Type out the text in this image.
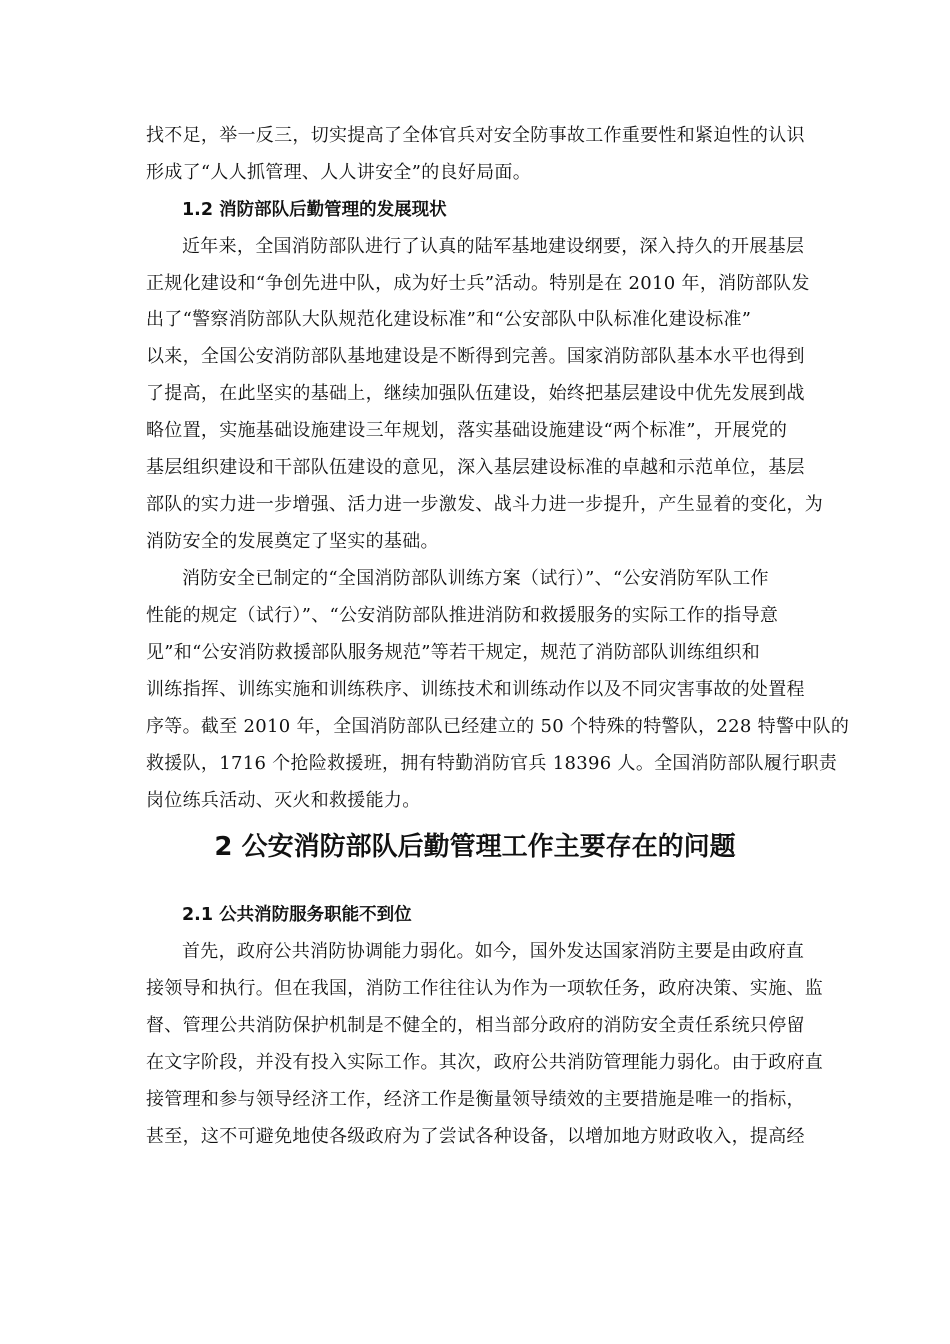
找不足，举一反三，切实提高了全体官兵对安全防事故工作重要性和紧迫性的认识
形成了“人人抓管理、人人讲安全”的良好局面。
1.2 消防部队后勤管理的发展现状
近年来，全国消防部队进行了认真的陆军基地建设纲要，深入持久的开展基层
正规化建设和“争创先进中队，成为好士兵”活动。特别是在 2010 年，消防部队发
出了“警察消防部队大队规范化建设标准”和“公安部队中队标准化建设标准”
以来，全国公安消防部队基地建设是不断得到完善。国家消防部队基本水平也得到
了提高，在此坚实的基础上，继续加强队伍建设，始终把基层建设中优先发展到战
略位置，实施基础设施建设三年规划，落实基础设施建设“两个标准”，开展党的
基层组织建设和干部队伍建设的意见，深入基层建设标准的卓越和示范单位，基层
部队的实力进一步增强、活力进一步激发、战斗力进一步提升，产生显着的变化，为
消防安全的发展奠定了坚实的基础。
消防安全已制定的“全国消防部队训练方案（试行）”、“公安消防军队工作
性能的规定（试行）”、“公安消防部队推进消防和救援服务的实际工作的指导意
见”和“公安消防救援部队服务规范”等若干规定，规范了消防部队训练组织和
训练指挥、训练实施和训练秩序、训练技术和训练动作以及不同灾害事故的处置程
序等。截至 2010 年，全国消防部队已经建立的 50 个特殊的特警队，228 特警中队的
救援队，1716 个抢险救援班，拥有特勤消防官兵 18396 人。全国消防部队履行职责
岗位练兵活动、灭火和救援能力。
2 公安消防部队后勤管理工作主要存在的问题
2.1 公共消防服务职能不到位
首先，政府公共消防协调能力弱化。如今，国外发达国家消防主要是由政府直
接领导和执行。但在我国，消防工作往往认为作为一项软任务，政府决策、实施、监
督、管理公共消防保护机制是不健全的，相当部分政府的消防安全责任系统只停留
在文字阶段，并没有投入实际工作。其次，政府公共消防管理能力弱化。由于政府直
接管理和参与领导经济工作，经济工作是衡量领导绩效的主要措施是唯一的指标，
甚至，这不可避免地使各级政府为了尝试各种设备，以增加地方财政收入，提高经
